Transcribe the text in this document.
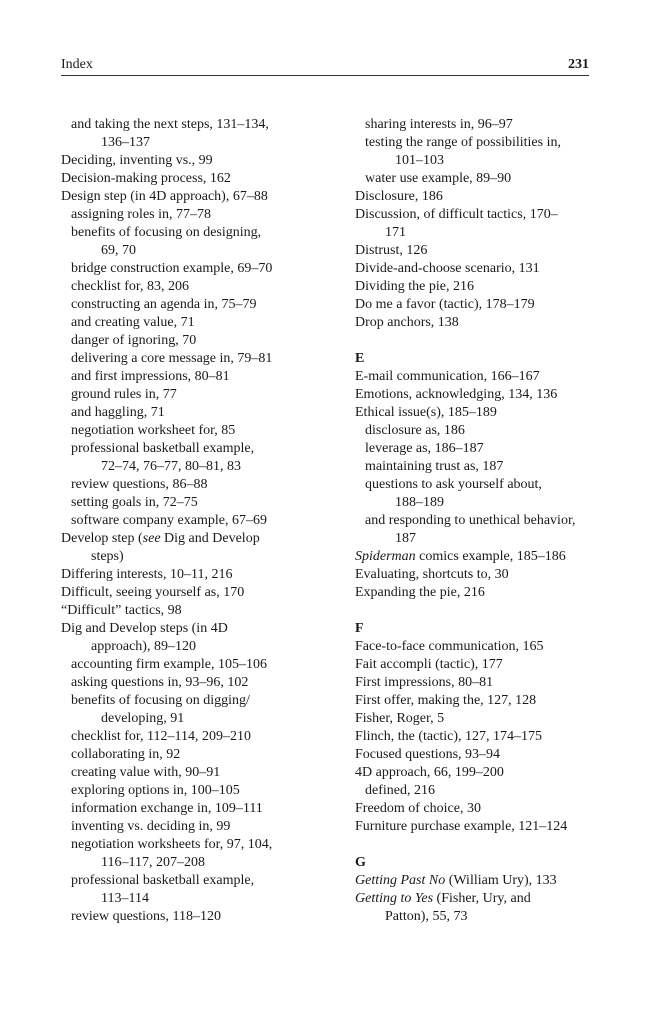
Index	231
and taking the next steps, 131–134,
136–137
Deciding, inventing vs., 99
Decision-making process, 162
Design step (in 4D approach), 67–88
assigning roles in, 77–78
benefits of focusing on designing,
69, 70
bridge construction example, 69–70
checklist for, 83, 206
constructing an agenda in, 75–79
and creating value, 71
danger of ignoring, 70
delivering a core message in, 79–81
and first impressions, 80–81
ground rules in, 77
and haggling, 71
negotiation worksheet for, 85
professional basketball example,
72–74, 76–77, 80–81, 83
review questions, 86–88
setting goals in, 72–75
software company example, 67–69
Develop step (see Dig and Develop
steps)
Differing interests, 10–11, 216
Difficult, seeing yourself as, 170
“Difficult” tactics, 98
Dig and Develop steps (in 4D
approach), 89–120
accounting firm example, 105–106
asking questions in, 93–96, 102
benefits of focusing on digging/
developing, 91
checklist for, 112–114, 209–210
collaborating in, 92
creating value with, 90–91
exploring options in, 100–105
information exchange in, 109–111
inventing vs. deciding in, 99
negotiation worksheets for, 97, 104,
116–117, 207–208
professional basketball example,
113–114
review questions, 118–120
sharing interests in, 96–97
testing the range of possibilities in,
101–103
water use example, 89–90
Disclosure, 186
Discussion, of difficult tactics, 170–
171
Distrust, 126
Divide-and-choose scenario, 131
Dividing the pie, 216
Do me a favor (tactic), 178–179
Drop anchors, 138
E
E-mail communication, 166–167
Emotions, acknowledging, 134, 136
Ethical issue(s), 185–189
disclosure as, 186
leverage as, 186–187
maintaining trust as, 187
questions to ask yourself about,
188–189
and responding to unethical behavior,
187
Spiderman comics example, 185–186
Evaluating, shortcuts to, 30
Expanding the pie, 216
F
Face-to-face communication, 165
Fait accompli (tactic), 177
First impressions, 80–81
First offer, making the, 127, 128
Fisher, Roger, 5
Flinch, the (tactic), 127, 174–175
Focused questions, 93–94
4D approach, 66, 199–200
defined, 216
Freedom of choice, 30
Furniture purchase example, 121–124
G
Getting Past No (William Ury), 133
Getting to Yes (Fisher, Ury, and
Patton), 55, 73
